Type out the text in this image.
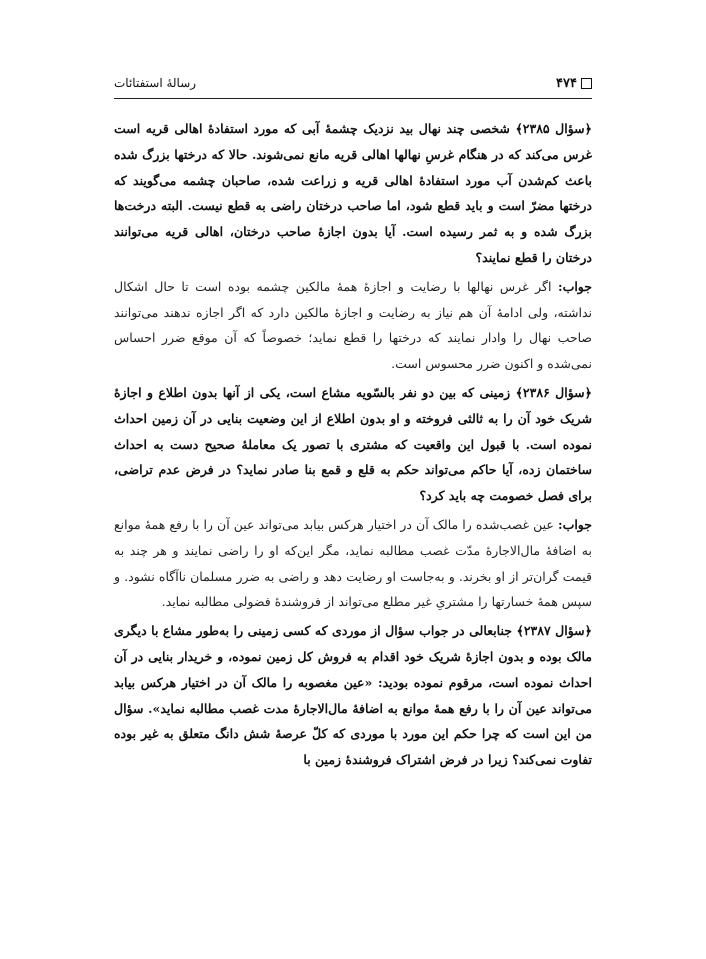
۴۷۴
رسالهٔ استفتائات

﴿سؤال ۲۳۸۵﴾ شخصی چند نهال بید نزدیک چشمهٔ آبی که مورد استفادهٔ اهالی قریه است غرس می‌کند که در هنگام غرسِ نهالها اهالی قریه مانع نمی‌شوند. حالا که درختها بزرگ شده باعث کم‌شدن آب مورد استفادهٔ اهالی قریه و زراعت شده، صاحبان چشمه می‌گویند که درختها مضرّ است و باید قطع شود، اما صاحب درختان راضی به قطع نیست. البته درخت‌ها بزرگ شده و به ثمر رسیده است. آیا بدون اجازهٔ صاحب درختان، اهالی قریه می‌توانند درختان را قطع نمایند؟

جواب: اگر غرس نهالها با رضایت و اجازهٔ همهٔ مالکین چشمه بوده است تا حال اشکال نداشته، ولی ادامهٔ آن هم نیاز به رضایت و اجازهٔ مالکین دارد که اگر اجازه ندهند می‌توانند صاحب نهال را وادار نمایند که درختها را قطع نماید؛ خصوصاً که آن موقع ضرر احساس نمی‌شده و اکنون ضرر محسوس است.

﴿سؤال ۲۳۸۶﴾ زمینی که بین دو نفر بالسّویه مشاع است، یکی از آنها بدون اطلاع و اجازهٔ شریک خود آن را به ثالثی فروخته و او بدون اطلاع از این وضعیت بنایی در آن زمین احداث نموده است. با قبول این واقعیت که مشتری با تصور یک معاملهٔ صحیح دست به احداث ساختمان زده، آیا حاکم می‌تواند حکم به قلع و قمع بنا صادر نماید؟ در فرض عدم تراضی، برای فصل خصومت چه باید کرد؟

جواب: عین غصب‌شده را مالک آن در اختیار هرکس بیابد می‌تواند عین آن را با رفع همهٔ موانع به اضافهٔ مال‌الاجارهٔ مدّت غصب مطالبه نماید، مگر این‌که او را راضی نمایند و هر چند به قیمت گران‌تر از او بخرند. و به‌جاست او رضایت دهد و راضی به ضرر مسلمان ناآگاه نشود. و سپس همهٔ خسارتها را مشتریِ غیر مطلع می‌تواند از فروشندهٔ فضولی مطالبه نماید.

﴿سؤال ۲۳۸۷﴾ جنابعالی در جواب سؤال از موردی که کسی زمینی را به‌طور مشاع با دیگری مالک بوده و بدون اجازهٔ شریک خود اقدام به فروش کل زمین نموده، و خریدار بنایی در آن احداث نموده است، مرقوم نموده بودید: «عین مغصوبه را مالک آن در اختیار هرکس بیابد می‌تواند عین آن را با رفع همهٔ موانع به اضافهٔ مال‌الاجارهٔ مدت غصب مطالبه نماید». سؤال من این است که چرا حکم این مورد با موردی که کلّ عرصهٔ شش دانگ متعلق به غیر بوده تفاوت نمی‌کند؟ زیرا در فرض اشتراک فروشندهٔ زمین با
